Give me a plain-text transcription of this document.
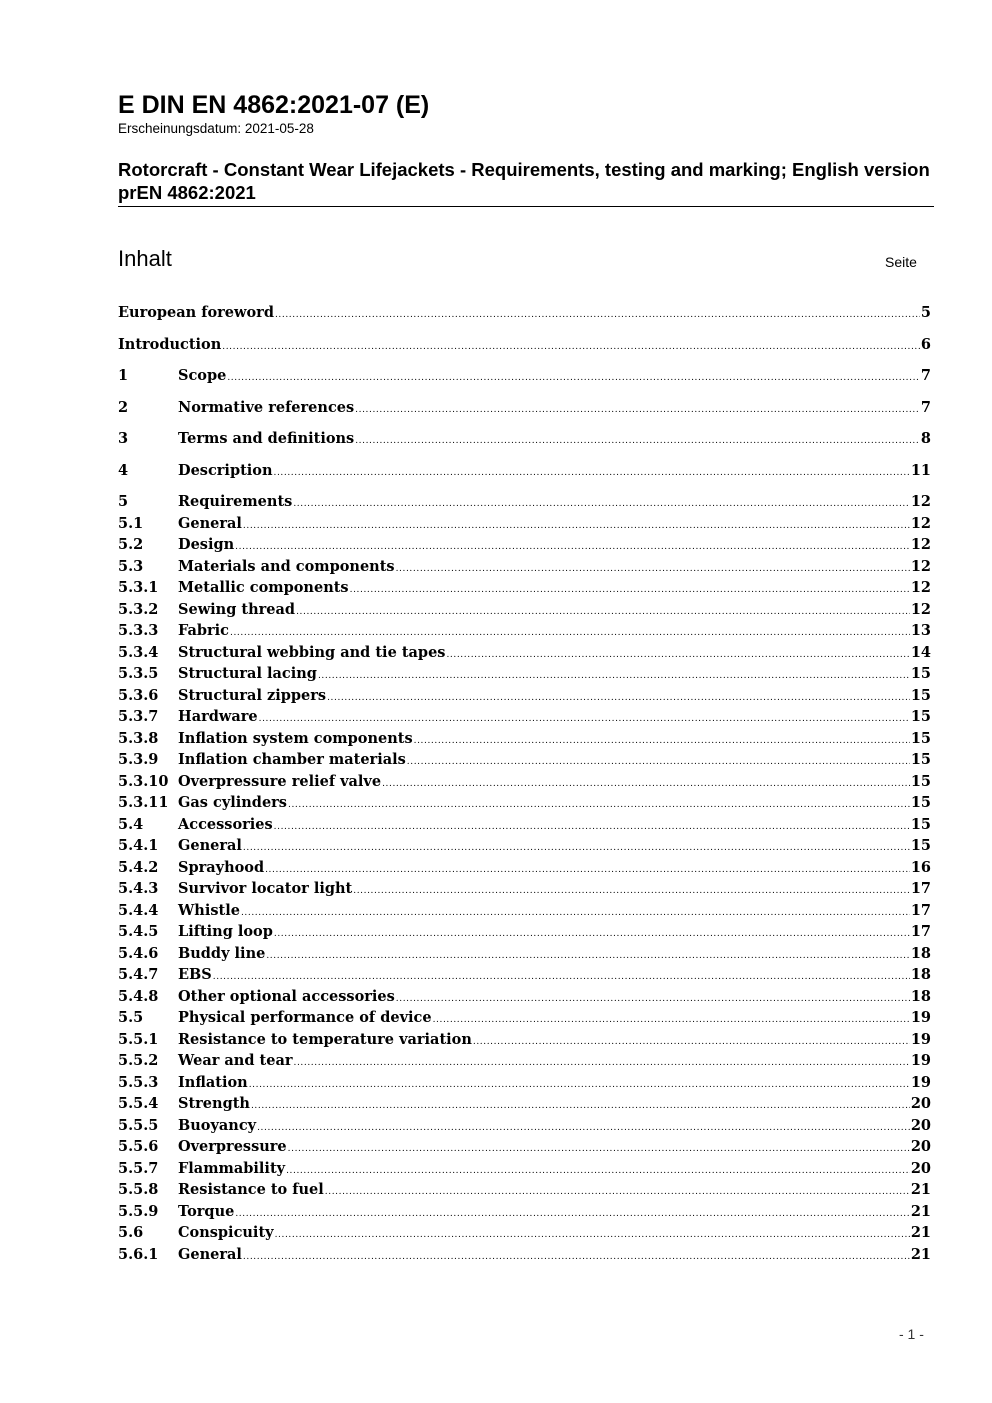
E DIN EN 4862:2021-07 (E)
Erscheinungsdatum: 2021-05-28
Rotorcraft - Constant Wear Lifejackets - Requirements, testing and marking; English version prEN 4862:2021
Inhalt	Seite
European foreword .....	5
Introduction .....	6
1	Scope .....	7
2	Normative references .....	7
3	Terms and definitions .....	8
4	Description .....	11
5	Requirements .....	12
5.1	General .....	12
5.2	Design .....	12
5.3	Materials and components .....	12
5.3.1	Metallic components .....	12
5.3.2	Sewing thread .....	12
5.3.3	Fabric .....	13
5.3.4	Structural webbing and tie tapes .....	14
5.3.5	Structural lacing .....	15
5.3.6	Structural zippers .....	15
5.3.7	Hardware .....	15
5.3.8	Inflation system components .....	15
5.3.9	Inflation chamber materials .....	15
5.3.10 Overpressure relief valve .....	15
5.3.11 Gas cylinders .....	15
5.4	Accessories .....	15
5.4.1	General .....	15
5.4.2	Sprayhood .....	16
5.4.3	Survivor locator light .....	17
5.4.4	Whistle .....	17
5.4.5	Lifting loop .....	17
5.4.6	Buddy line .....	18
5.4.7	EBS .....	18
5.4.8	Other optional accessories .....	18
5.5	Physical performance of device .....	19
5.5.1	Resistance to temperature variation .....	19
5.5.2	Wear and tear .....	19
5.5.3	Inflation .....	19
5.5.4	Strength .....	20
5.5.5	Buoyancy .....	20
5.5.6	Overpressure .....	20
5.5.7	Flammability .....	20
5.5.8	Resistance to fuel .....	21
5.5.9	Torque .....	21
5.6	Conspicuity .....	21
5.6.1	General .....	21
- 1 -
